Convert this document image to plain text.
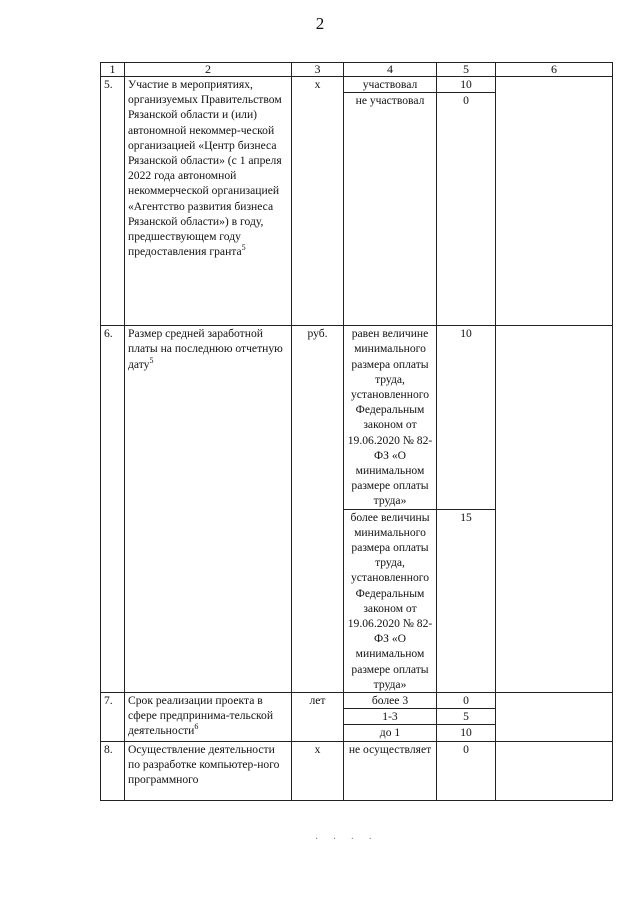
2
1	2	3	4	5	6
5.	Участие в мероприятиях, организуемых Правительством Рязанской области и (или) автономной некоммер-ческой организацией «Центр бизнеса Рязанской области» (с 1 апреля 2022 года автономной некоммерческой организацией «Агентство развития бизнеса Рязанской области») в году, предшествующем году предоставления гранта$^5$	х	участвовал	10	
			не участвовал	0	
6.	Размер средней заработной платы на последнюю отчетную дату$^5$	руб.	равен величине минимального размера оплаты труда, установленного Федеральным законом от 19.06.2020 № 82-ФЗ «О минимальном размере оплаты труда»	10	
			более величины минимального размера оплаты труда, установленного Федеральным законом от 19.06.2020 № 82-ФЗ «О минимальном размере оплаты труда»	15	
7.	Срок реализации проекта в сфере предпринима-тельской деятельности$^6$	лет	более 3	0	
			1-3	5	
			до 1	10	
8.	Осуществление деятельности по разработке компьютер-ного программного	х	не осуществляет	0	
· · · ·
